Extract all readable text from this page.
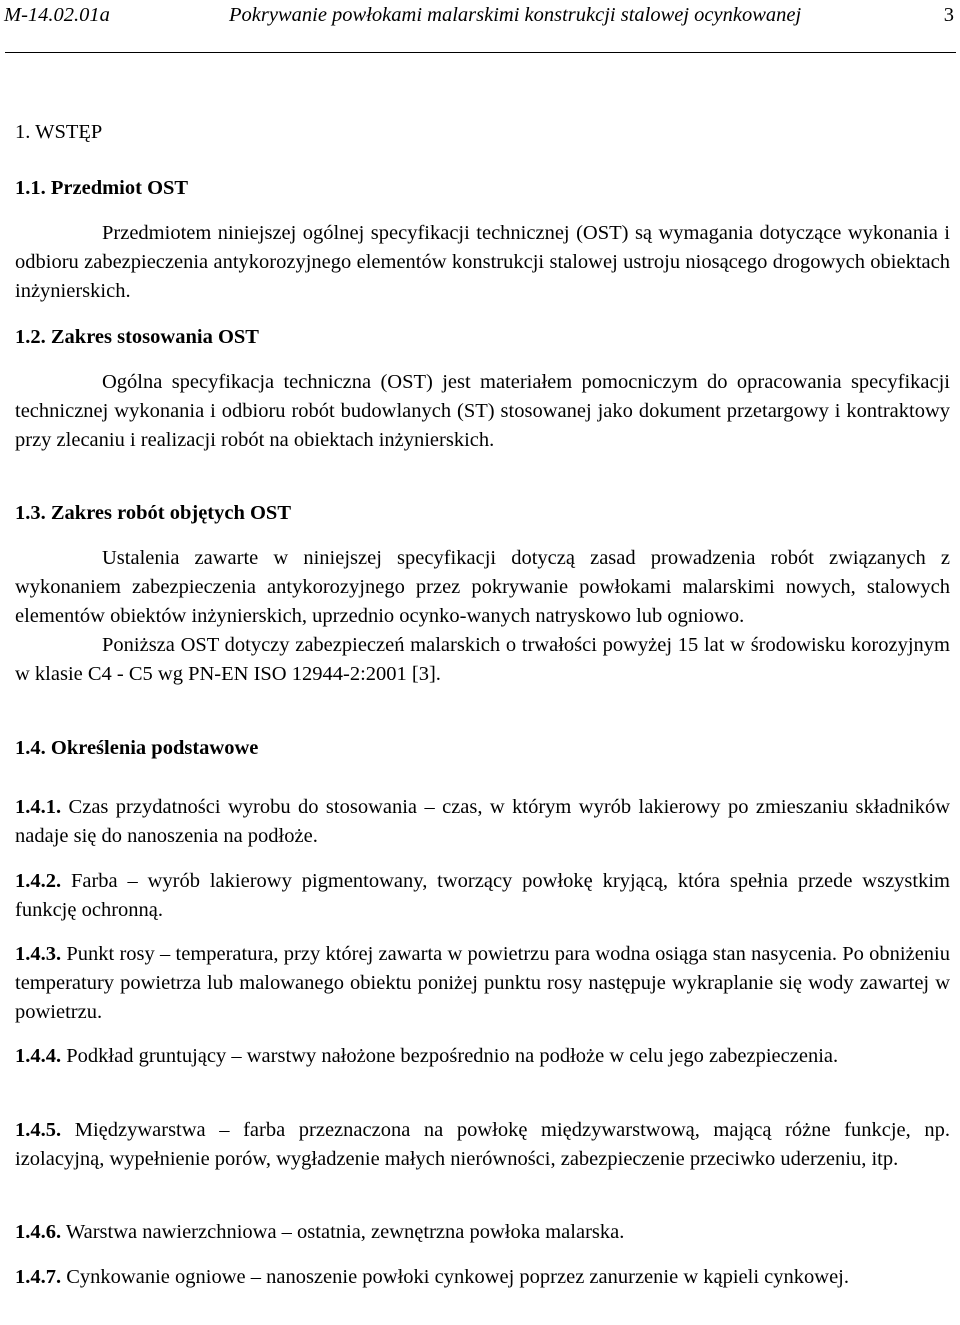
M-14.02.01a	Pokrywanie powłokami malarskimi konstrukcji stalowej ocynkowanej	3
1. WSTĘP

1.1. Przedmiot OST

Przedmiotem niniejszej ogólnej specyfikacji technicznej (OST) są wymagania dotyczące wykonania i odbioru zabezpieczenia antykorozyjnego elementów konstrukcji stalowej ustroju niosącego drogowych obiektach inżynierskich.

1.2. Zakres stosowania OST

Ogólna specyfikacja techniczna (OST) jest materiałem pomocniczym do opracowania specyfikacji technicznej wykonania i odbioru robót budowlanych (ST) stosowanej jako dokument przetargowy i kontraktowy przy zlecaniu i realizacji robót na obiektach inżynierskich.

1.3. Zakres robót objętych OST

Ustalenia zawarte w niniejszej specyfikacji dotyczą zasad prowadzenia robót związanych z wykonaniem zabezpieczenia antykorozyjnego przez pokrywanie powłokami malarskimi nowych, stalowych elementów obiektów inżynierskich, uprzednio ocynko-wanych natryskowo lub ogniowo.

Poniższa OST dotyczy zabezpieczeń malarskich o trwałości powyżej 15 lat w środowisku korozyjnym w klasie C4 - C5 wg PN-EN ISO 12944-2:2001 [3].

1.4. Określenia podstawowe

1.4.1. Czas przydatności wyrobu do stosowania – czas, w którym wyrób lakierowy po zmieszaniu składników nadaje się do nanoszenia na podłoże.

1.4.2. Farba – wyrób lakierowy pigmentowany, tworzący powłokę kryjącą, która spełnia przede wszystkim funkcję ochronną.

1.4.3. Punkt rosy – temperatura, przy której zawarta w powietrzu para wodna osiąga stan nasycenia. Po obniżeniu temperatury powietrza lub malowanego obiektu poniżej punktu rosy następuje wykraplanie się wody zawartej w powietrzu.

1.4.4. Podkład gruntujący – warstwy nałożone bezpośrednio na podłoże w celu jego zabezpieczenia.

1.4.5. Międzywarstwa – farba przeznaczona na powłokę międzywarstwową, mającą różne funkcje, np. izolacyjną, wypełnienie porów, wygładzenie małych nierówności, zabezpieczenie przeciwko uderzeniu, itp.

1.4.6. Warstwa nawierzchniowa – ostatnia, zewnętrzna powłoka malarska.

1.4.7. Cynkowanie ogniowe – nanoszenie powłoki cynkowej poprzez zanurzenie w kąpieli cynkowej.
